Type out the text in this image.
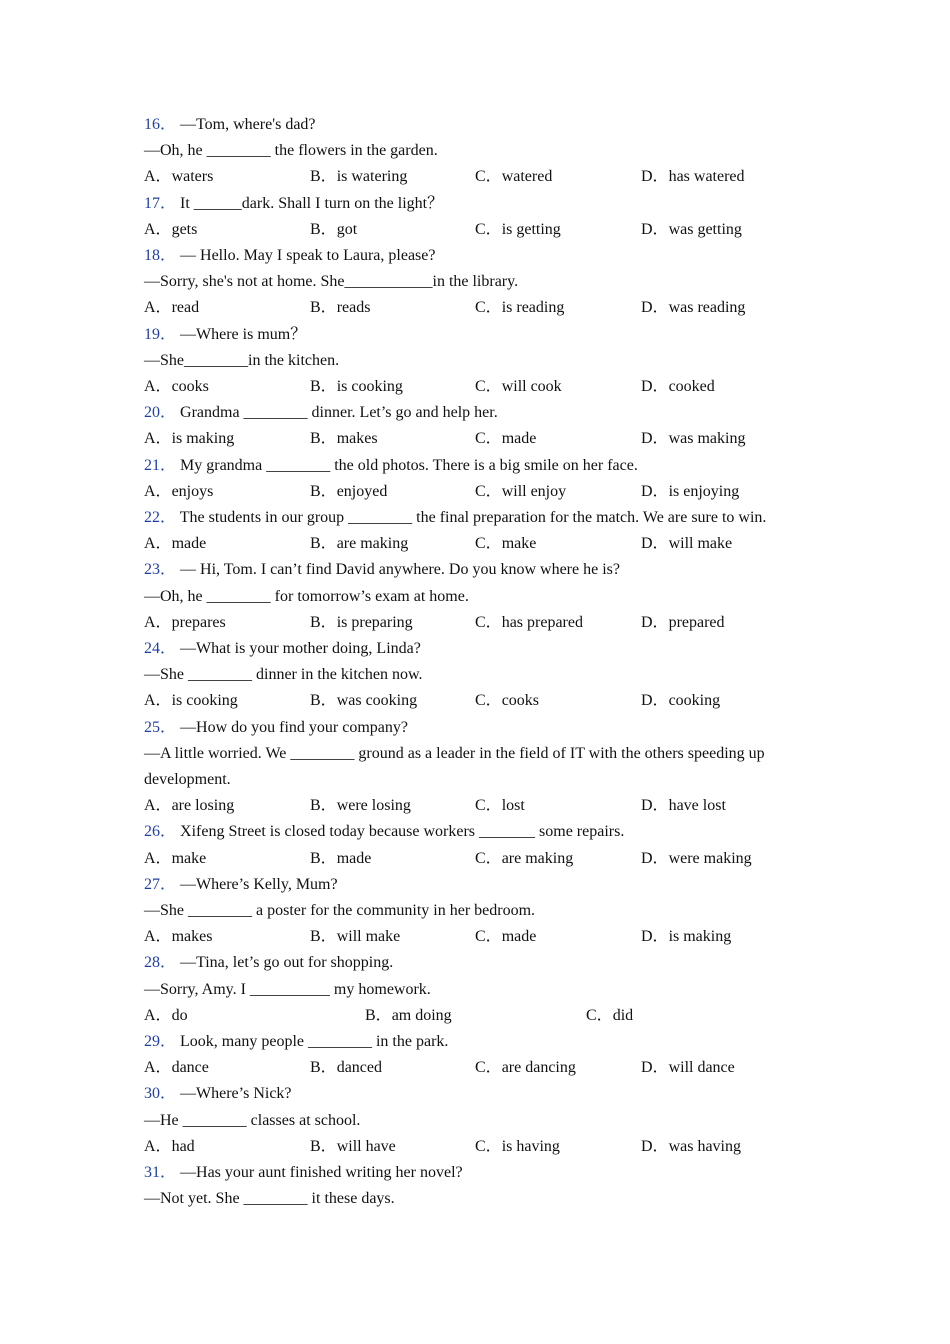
16． —Tom, where's dad?
—Oh, he ________ the flowers in the garden.
A．waters	B．is watering	C．watered	D．has watered
17． It ______dark. Shall I turn on the light？
A．gets	B．got	C．is getting	D．was getting
18． — Hello. May I speak to Laura, please?
—Sorry, she's not at home. She___________in the library.
A．read	B．reads	C．is reading	D．was reading
19． —Where is mum？
—She________in the kitchen.
A．cooks	B．is cooking	C．will cook	D．cooked
20． Grandma ________ dinner. Let’s go and help her.
A．is making	B．makes	C．made	D．was making
21． My grandma ________ the old photos. There is a big smile on her face.
A．enjoys	B．enjoyed	C．will enjoy	D．is enjoying
22． The students in our group ________ the final preparation for the match. We are sure to win.
A．made	B．are making	C．make	D．will make
23． — Hi, Tom. I can’t find David anywhere. Do you know where he is?
—Oh, he ________ for tomorrow’s exam at home.
A．prepares	B．is preparing	C．has prepared	D．prepared
24． —What is your mother doing, Linda?
—She ________ dinner in the kitchen now.
A．is cooking	B．was cooking	C．cooks	D．cooking
25． —How do you find your company?
—A little worried. We ________ ground as a leader in the field of IT with the others speeding up
development.
A．are losing	B．were losing	C．lost	D．have lost
26． Xifeng Street is closed today because workers _______ some repairs.
A．make	B．made	C．are making	D．were making
27． —Where’s Kelly, Mum?
—She ________ a poster for the community in her bedroom.
A．makes	B．will make	C．made	D．is making
28． —Tina, let’s go out for shopping.
—Sorry, Amy. I __________ my homework.
A．do	B．am doing	C．did
29． Look, many people ________ in the park.
A．dance	B．danced	C．are dancing	D．will dance
30． —Where’s Nick?
—He ________ classes at school.
A．had	B．will have	C．is having	D．was having
31． —Has your aunt finished writing her novel?
—Not yet. She ________ it these days.
